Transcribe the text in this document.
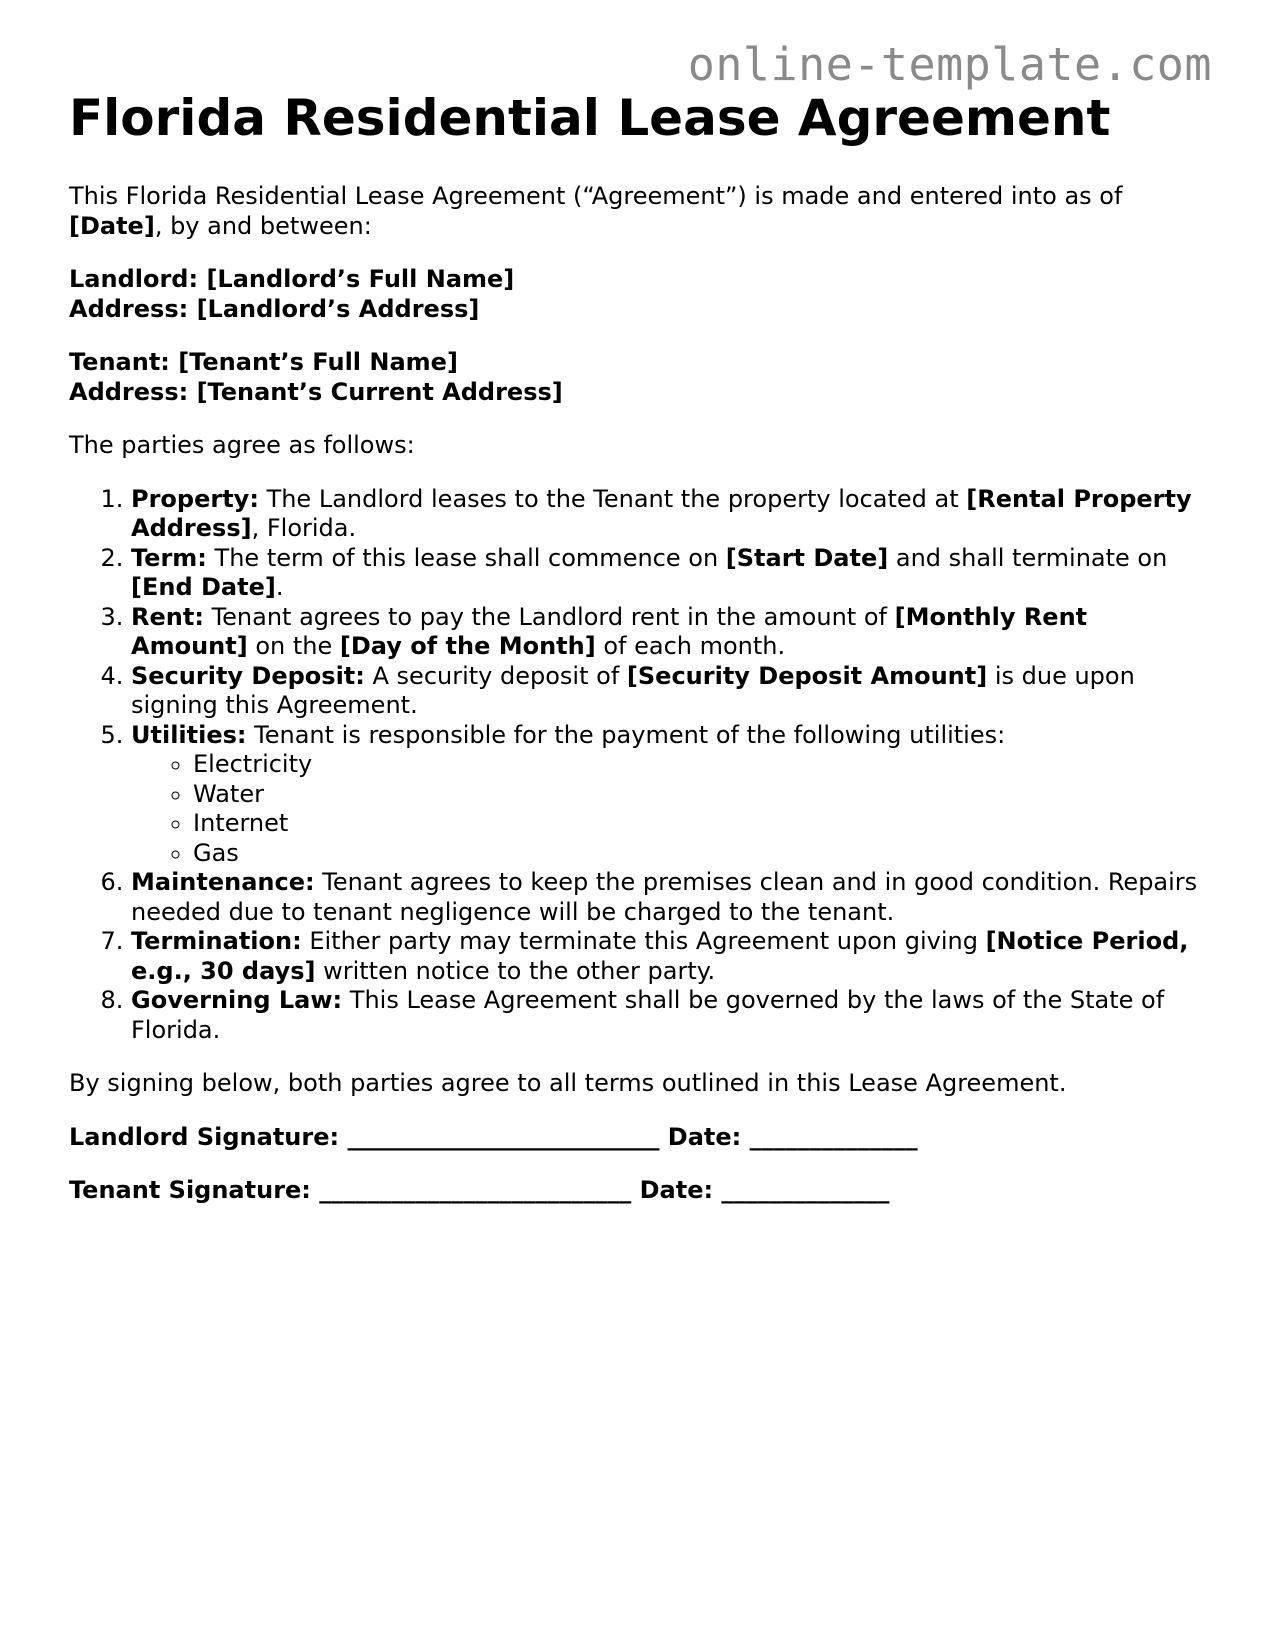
online-template.com
Florida Residential Lease Agreement

This Florida Residential Lease Agreement (“Agreement”) is made and entered into as of [Date], by and between:

Landlord: [Landlord’s Full Name]
Address: [Landlord’s Address]

Tenant: [Tenant’s Full Name]
Address: [Tenant’s Current Address]

The parties agree as follows:

1. Property: The Landlord leases to the Tenant the property located at [Rental Property Address], Florida.
2. Term: The term of this lease shall commence on [Start Date] and shall terminate on [End Date].
3. Rent: Tenant agrees to pay the Landlord rent in the amount of [Monthly Rent Amount] on the [Day of the Month] of each month.
4. Security Deposit: A security deposit of [Security Deposit Amount] is due upon signing this Agreement.
5. Utilities: Tenant is responsible for the payment of the following utilities:
◦ Electricity
◦ Water
◦ Internet
◦ Gas
6. Maintenance: Tenant agrees to keep the premises clean and in good condition. Repairs needed due to tenant negligence will be charged to the tenant.
7. Termination: Either party may terminate this Agreement upon giving [Notice Period, e.g., 30 days] written notice to the other party.
8. Governing Law: This Lease Agreement shall be governed by the laws of the State of Florida.

By signing below, both parties agree to all terms outlined in this Lease Agreement.

Landlord Signature: __________________________ Date: ______________

Tenant Signature: __________________________ Date: ______________
